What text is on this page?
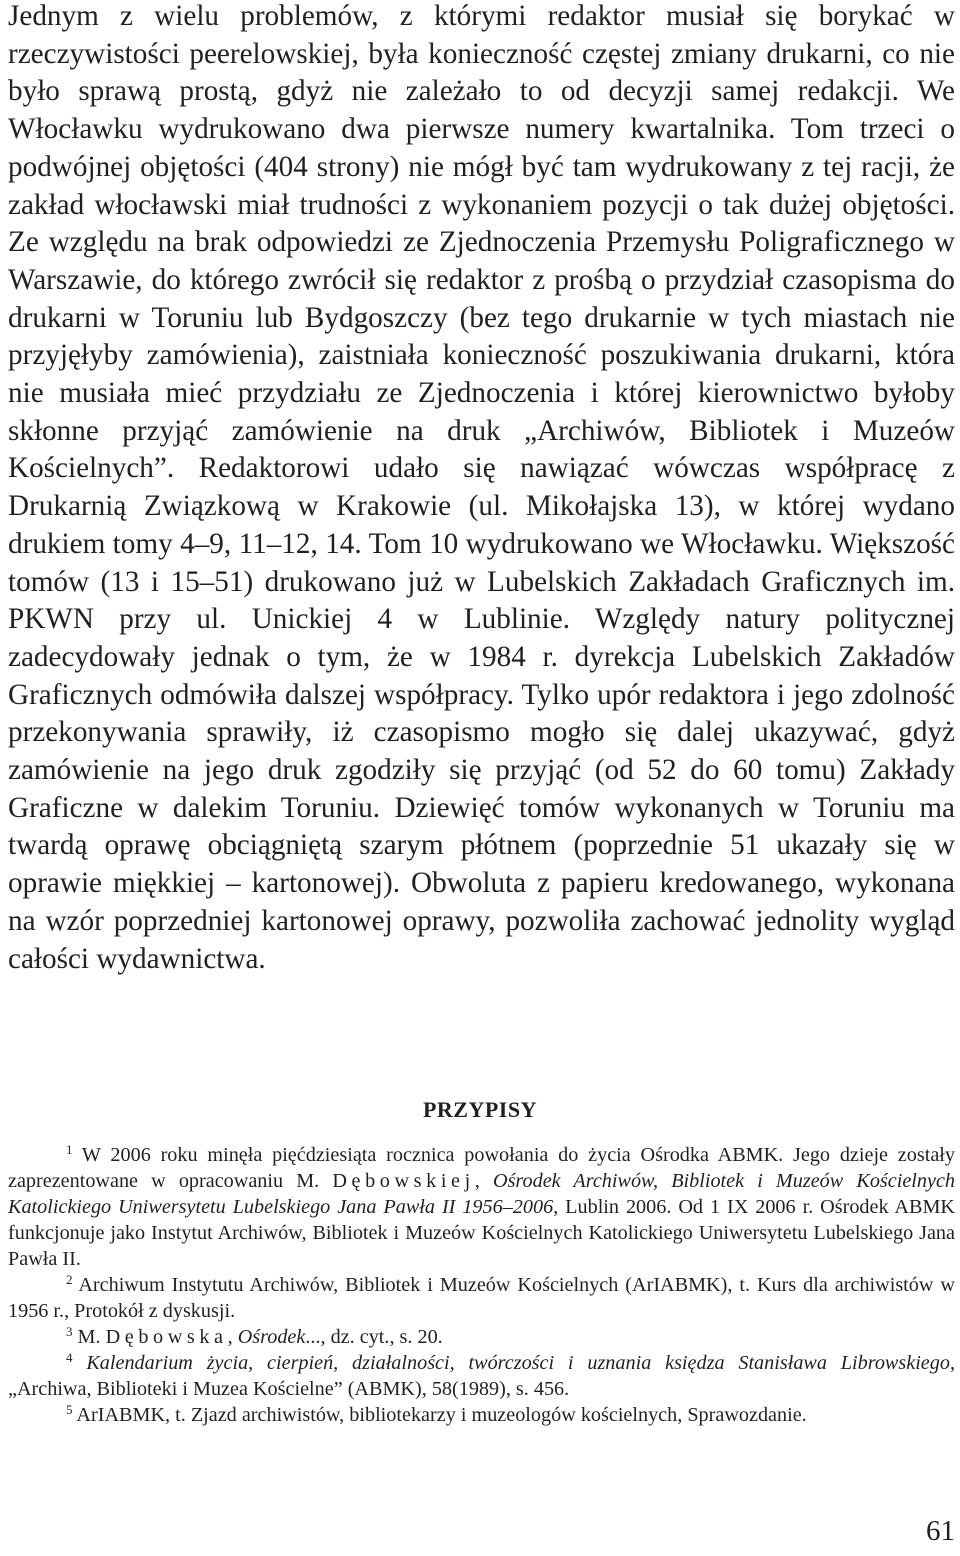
Jednym z wielu problemów, z którymi redaktor musiał się borykać w rzeczywistości peerelowskiej, była konieczność częstej zmiany drukarni, co nie było sprawą prostą, gdyż nie zależało to od decyzji samej redakcji. We Włocławku wydrukowano dwa pierwsze numery kwartalnika. Tom trzeci o podwójnej objętości (404 strony) nie mógł być tam wydrukowany z tej racji, że zakład włocławski miał trudności z wykonaniem pozycji o tak dużej objętości. Ze względu na brak odpowiedzi ze Zjednoczenia Przemysłu Poligraficznego w Warszawie, do którego zwrócił się redaktor z prośbą o przydział czasopisma do drukarni w Toruniu lub Bydgoszczy (bez tego drukarnie w tych miastach nie przyjęłyby zamówienia), zaistniała konieczność poszukiwania drukarni, która nie musiała mieć przydziału ze Zjednoczenia i której kierownictwo byłoby skłonne przyjąć zamówienie na druk „Archiwów, Bibliotek i Muzeów Kościelnych”. Redaktorowi udało się nawiązać wówczas współpracę z Drukarnią Związkową w Krakowie (ul. Mikołajska 13), w której wydano drukiem tomy 4–9, 11–12, 14. Tom 10 wydrukowano we Włocławku. Większość tomów (13 i 15–51) drukowano już w Lubelskich Zakładach Graficznych im. PKWN przy ul. Unickiej 4 w Lublinie. Względy natury politycznej zadecydowały jednak o tym, że w 1984 r. dyrekcja Lubelskich Zakładów Graficznych odmówiła dalszej współpracy. Tylko upór redaktora i jego zdolność przekonywania sprawiły, iż czasopismo mogło się dalej ukazywać, gdyż zamówienie na jego druk zgodziły się przyjąć (od 52 do 60 tomu) Zakłady Graficzne w dalekim Toruniu. Dziewięć tomów wykonanych w Toruniu ma twardą oprawę obciągniętą szarym płótnem (poprzednie 51 ukazały się w oprawie miękkiej – kartonowej). Obwoluta z papieru kredowanego, wykonana na wzór poprzedniej kartonowej oprawy, pozwoliła zachować jednolity wygląd całości wydawnictwa.

PRZYPISY

$^1$ W 2006 roku minęła pięćdziesiąta rocznica powołania do życia Ośrodka ABMK. Jego dzieje zostały zaprezentowane w opracowaniu M. Dębowskiej, Ośrodek Archiwów, Bibliotek i Muzeów Kościelnych Katolickiego Uniwersytetu Lubelskiego Jana Pawła II 1956–2006, Lublin 2006. Od 1 IX 2006 r. Ośrodek ABMK funkcjonuje jako Instytut Archiwów, Bibliotek i Muzeów Kościelnych Katolickiego Uniwersytetu Lubelskiego Jana Pawła II.

$^2$ Archiwum Instytutu Archiwów, Bibliotek i Muzeów Kościelnych (ArIABMK), t. Kurs dla archiwistów w 1956 r., Protokół z dyskusji.

$^3$ M. Dębowska, Ośrodek..., dz. cyt., s. 20.

$^4$ Kalendarium życia, cierpień, działalności, twórczości i uznania księdza Stanisława Librowskiego, „Archiwa, Biblioteki i Muzea Kościelne” (ABMK), 58(1989), s. 456.

$^5$ ArIABMK, t. Zjazd archiwistów, bibliotekarzy i muzeologów kościelnych, Sprawozdanie.

61
